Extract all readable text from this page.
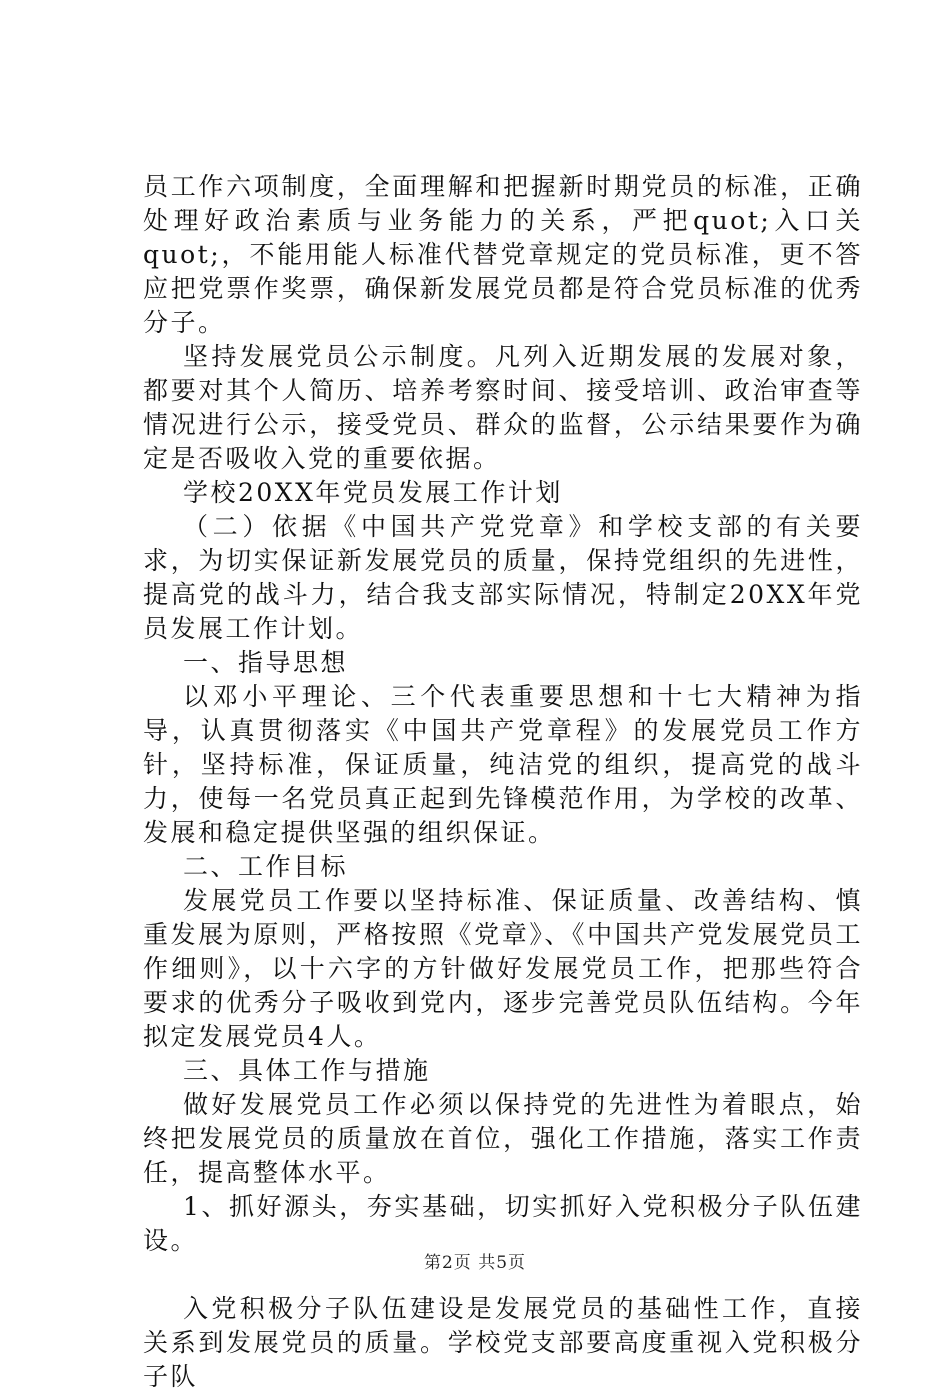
员工作六项制度，全面理解和把握新时期党员的标准，正确处理好政治素质与业务能力的关系，严把quot;入口关quot;，不能用能人标准代替党章规定的党员标准，更不答应把党票作奖票，确保新发展党员都是符合党员标准的优秀分子。

坚持发展党员公示制度。凡列入近期发展的发展对象，都要对其个人简历、培养考察时间、接受培训、政治审查等情况进行公示，接受党员、群众的监督，公示结果要作为确定是否吸收入党的重要依据。

学校20XX年党员发展工作计划

（二）依据《中国共产党党章》和学校支部的有关要求，为切实保证新发展党员的质量，保持党组织的先进性，提高党的战斗力，结合我支部实际情况，特制定20XX年党员发展工作计划。

一、指导思想

以邓小平理论、三个代表重要思想和十七大精神为指导，认真贯彻落实《中国共产党章程》的发展党员工作方针，坚持标准，保证质量，纯洁党的组织，提高党的战斗力，使每一名党员真正起到先锋模范作用，为学校的改革、发展和稳定提供坚强的组织保证。

二、工作目标

发展党员工作要以坚持标准、保证质量、改善结构、慎重发展为原则，严格按照《党章》、《中国共产党发展党员工作细则》，以十六字的方针做好发展党员工作，把那些符合要求的优秀分子吸收到党内，逐步完善党员队伍结构。今年拟定发展党员4人。

三、具体工作与措施

做好发展党员工作必须以保持党的先进性为着眼点，始终把发展党员的质量放在首位，强化工作措施，落实工作责任，提高整体水平。

1、抓好源头，夯实基础，切实抓好入党积极分子队伍建设。

入党积极分子队伍建设是发展党员的基础性工作，直接关系到发展党员的质量。学校党支部要高度重视入党积极分子队

第2页 共5页
